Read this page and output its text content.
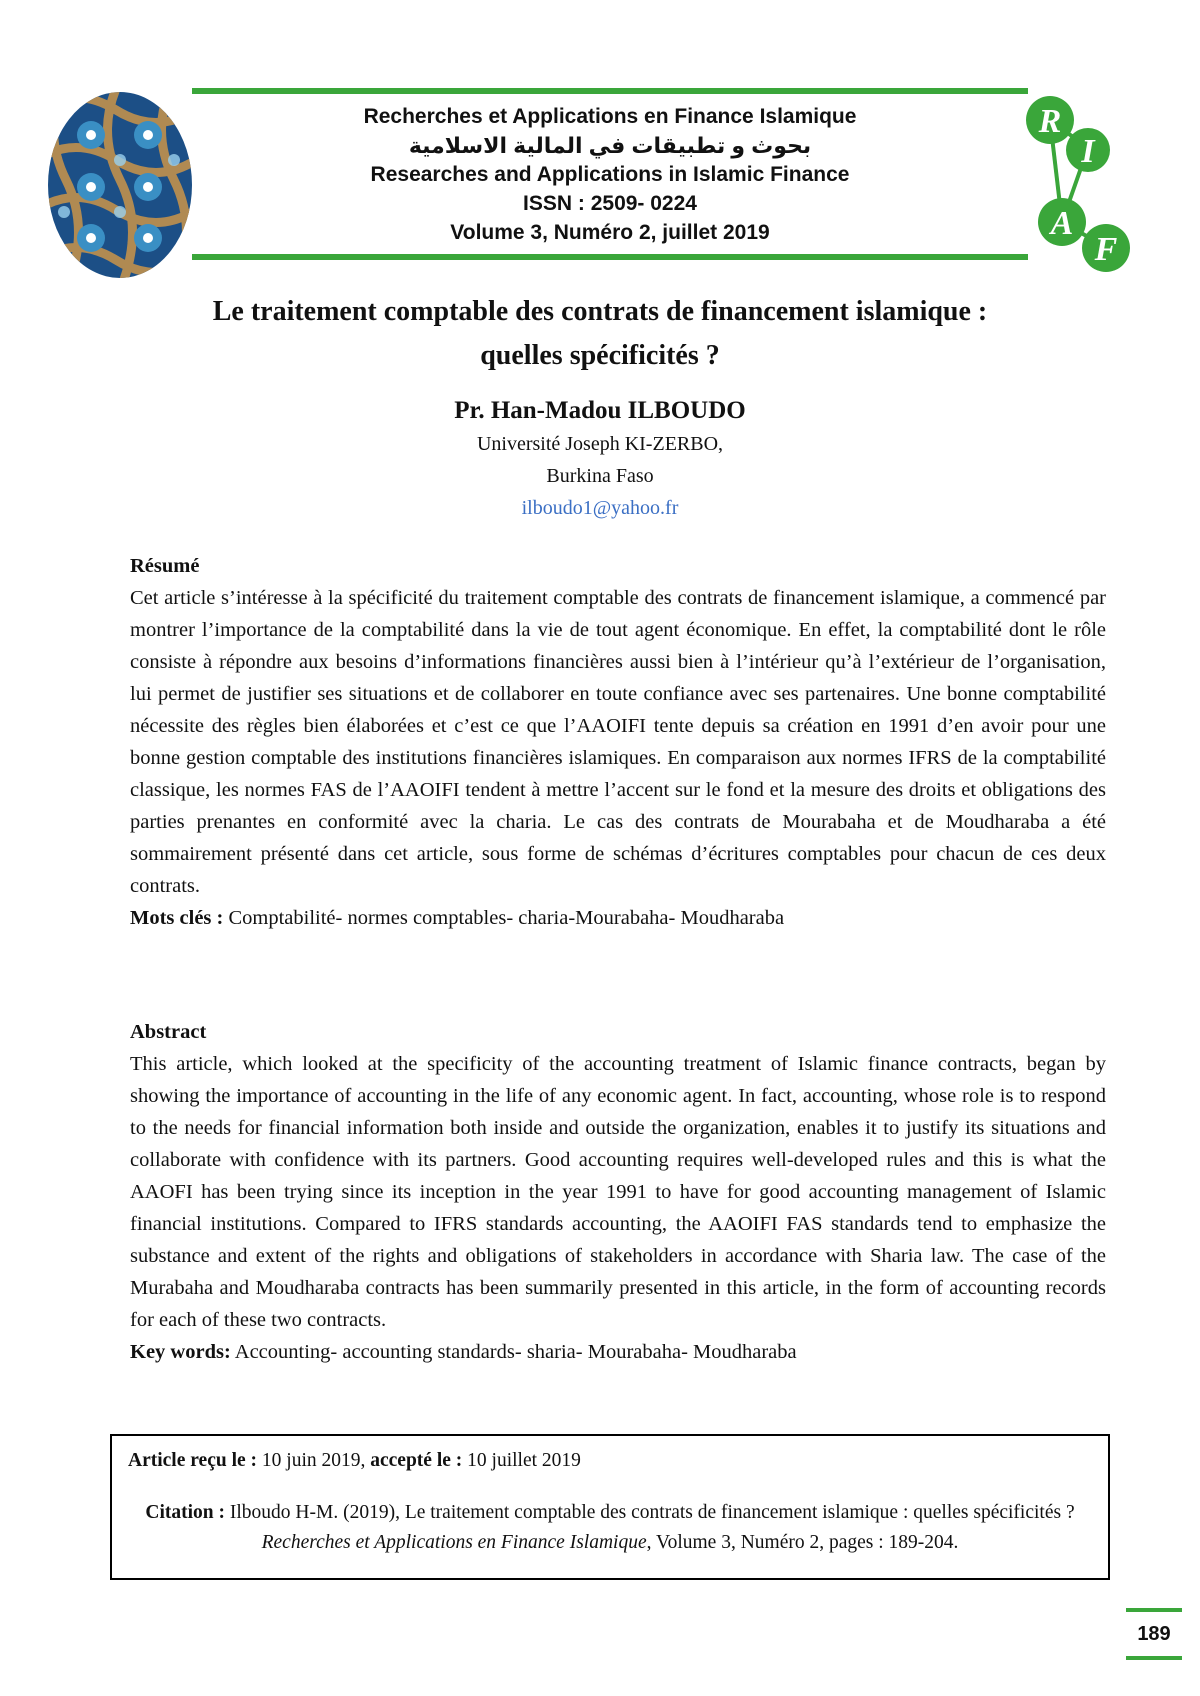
Recherches et Applications en Finance Islamique
بحوث و تطبيقات في المالية الاسلامية
Researches and Applications in Islamic Finance
ISSN : 2509- 0224
Volume 3, Numéro 2, juillet 2019
R
I
A
F
Le traitement comptable des contrats de financement islamique :
quelles spécificités ?
Pr. Han-Madou ILBOUDO
Université Joseph KI-ZERBO,
Burkina Faso
ilboudo1@yahoo.fr
Résumé

Cet article s’intéresse à la spécificité du traitement comptable des contrats de financement islamique, a commencé par montrer l’importance de la comptabilité dans la vie de tout agent économique. En effet, la comptabilité dont le rôle consiste à répondre aux besoins d’informations financières aussi bien à l’intérieur qu’à l’extérieur de l’organisation, lui permet de justifier ses situations et de collaborer en toute confiance avec ses partenaires. Une bonne comptabilité nécessite des règles bien élaborées et c’est ce que l’AAOIFI tente depuis sa création en 1991 d’en avoir pour une bonne gestion comptable des institutions financières islamiques. En comparaison aux normes IFRS de la comptabilité classique, les normes FAS de l’AAOIFI tendent à mettre l’accent sur le fond et la mesure des droits et obligations des parties prenantes en conformité avec la charia. Le cas des contrats de Mourabaha et de Moudharaba a été sommairement présenté dans cet article, sous forme de schémas d’écritures comptables pour chacun de ces deux contrats.

Mots clés : Comptabilité- normes comptables- charia-Mourabaha- Moudharaba

Abstract

This article, which looked at the specificity of the accounting treatment of Islamic finance contracts, began by showing the importance of accounting in the life of any economic agent. In fact, accounting, whose role is to respond to the needs for financial information both inside and outside the organization, enables it to justify its situations and collaborate with confidence with its partners. Good accounting requires well-developed rules and this is what the AAOFI has been trying since its inception in the year 1991 to have for good accounting management of Islamic financial institutions. Compared to IFRS standards accounting, the AAOIFI FAS standards tend to emphasize the substance and extent of the rights and obligations of stakeholders in accordance with Sharia law. The case of the Murabaha and Moudharaba contracts has been summarily presented in this article, in the form of accounting records for each of these two contracts.

Key words: Accounting- accounting standards- sharia- Mourabaha- Moudharaba

Article reçu le : 10 juin 2019, accepté le : 10 juillet 2019
Citation : Ilboudo H-M. (2019), Le traitement comptable des contrats de financement islamique : quelles spécificités ? Recherches et Applications en Finance Islamique, Volume 3, Numéro 2, pages : 189-204.
189
